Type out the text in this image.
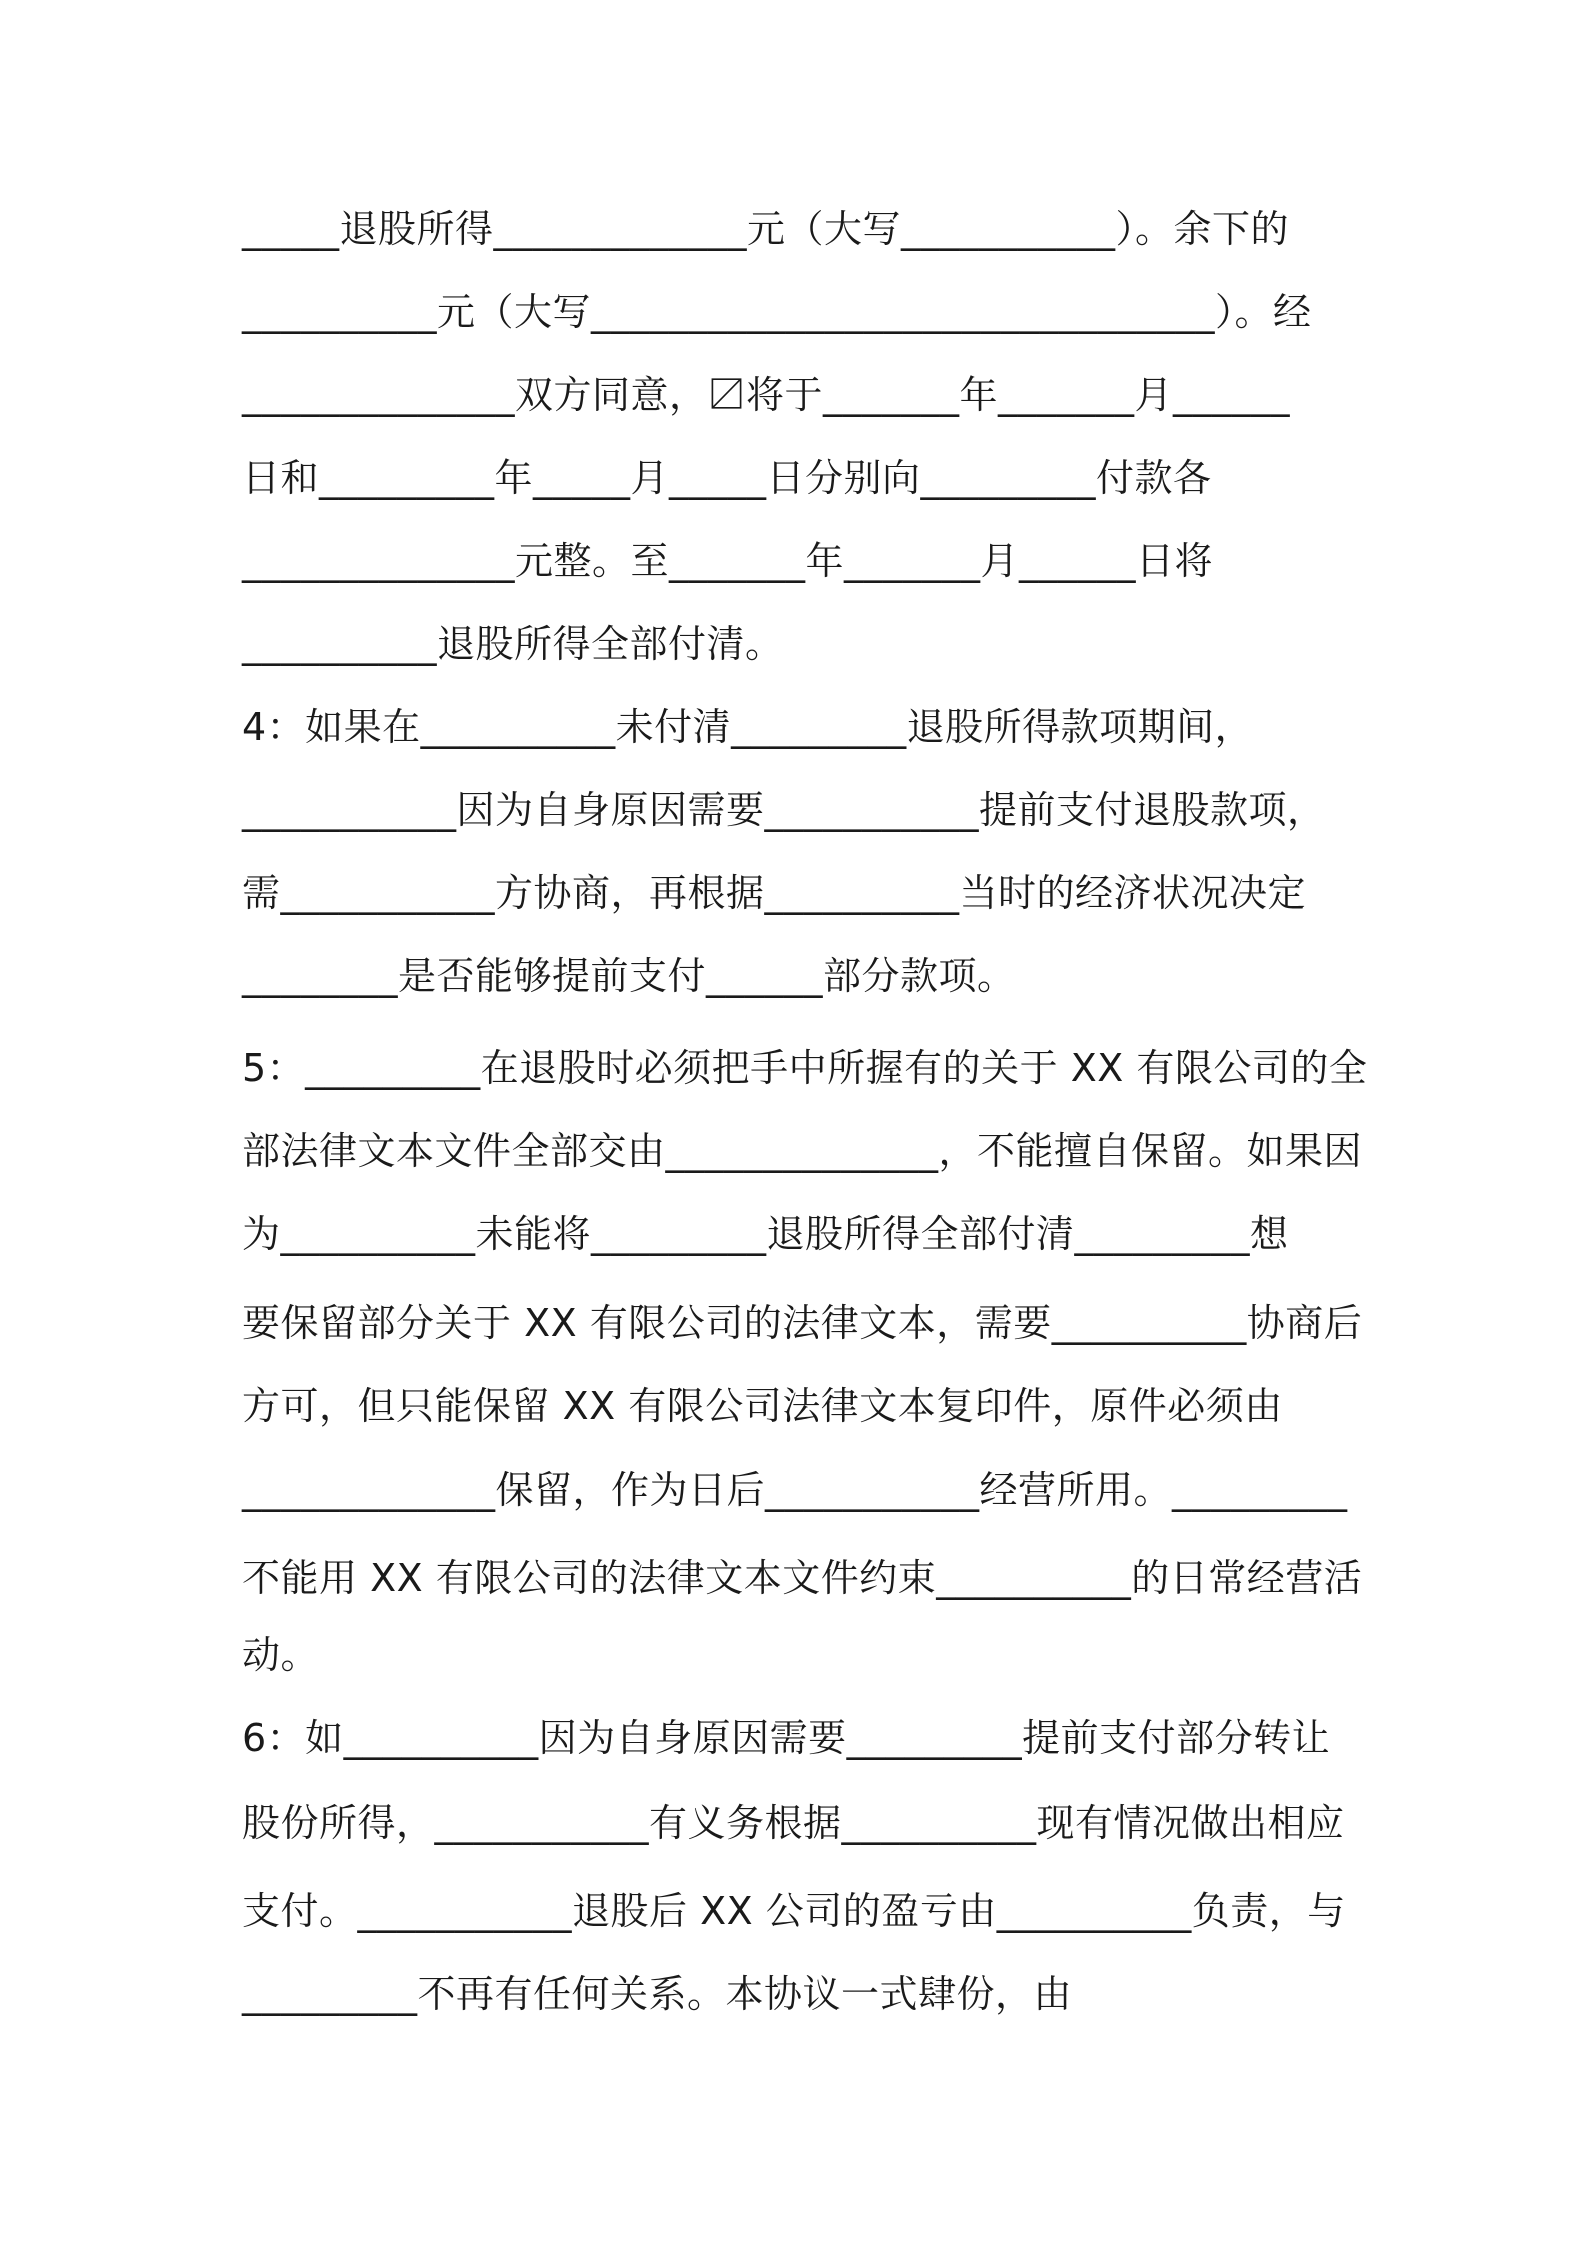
_____退股所得_____________元（大写___________）。余下的
__________元（大写________________________________）。经
______________双方同意，〼将于_______年_______月______
日和_________年_____月_____日分别向_________付款各
______________元整。至_______年_______月______日将
__________退股所得全部付清。
4：如果在__________未付清_________退股所得款项期间，
___________因为自身原因需要___________提前支付退股款项，
需___________方协商，再根据__________当时的经济状况决定
________是否能够提前支付______部分款项。
5：_________在退股时必须把手中所握有的关于 XX 有限公司的全
部法律文本文件全部交由______________，不能擅自保留。如果因
为__________未能将_________退股所得全部付清_________想
要保留部分关于 XX 有限公司的法律文本，需要__________协商后
方可，但只能保留 XX 有限公司法律文本复印件，原件必须由
_____________保留，作为日后___________经营所用。_________
不能用 XX 有限公司的法律文本文件约束__________的日常经营活
动。
6：如__________因为自身原因需要_________提前支付部分转让
股份所得，___________有义务根据__________现有情况做出相应
支付。___________退股后 XX 公司的盈亏由__________负责，与
_________不再有任何关系。本协议一式肆份，由
